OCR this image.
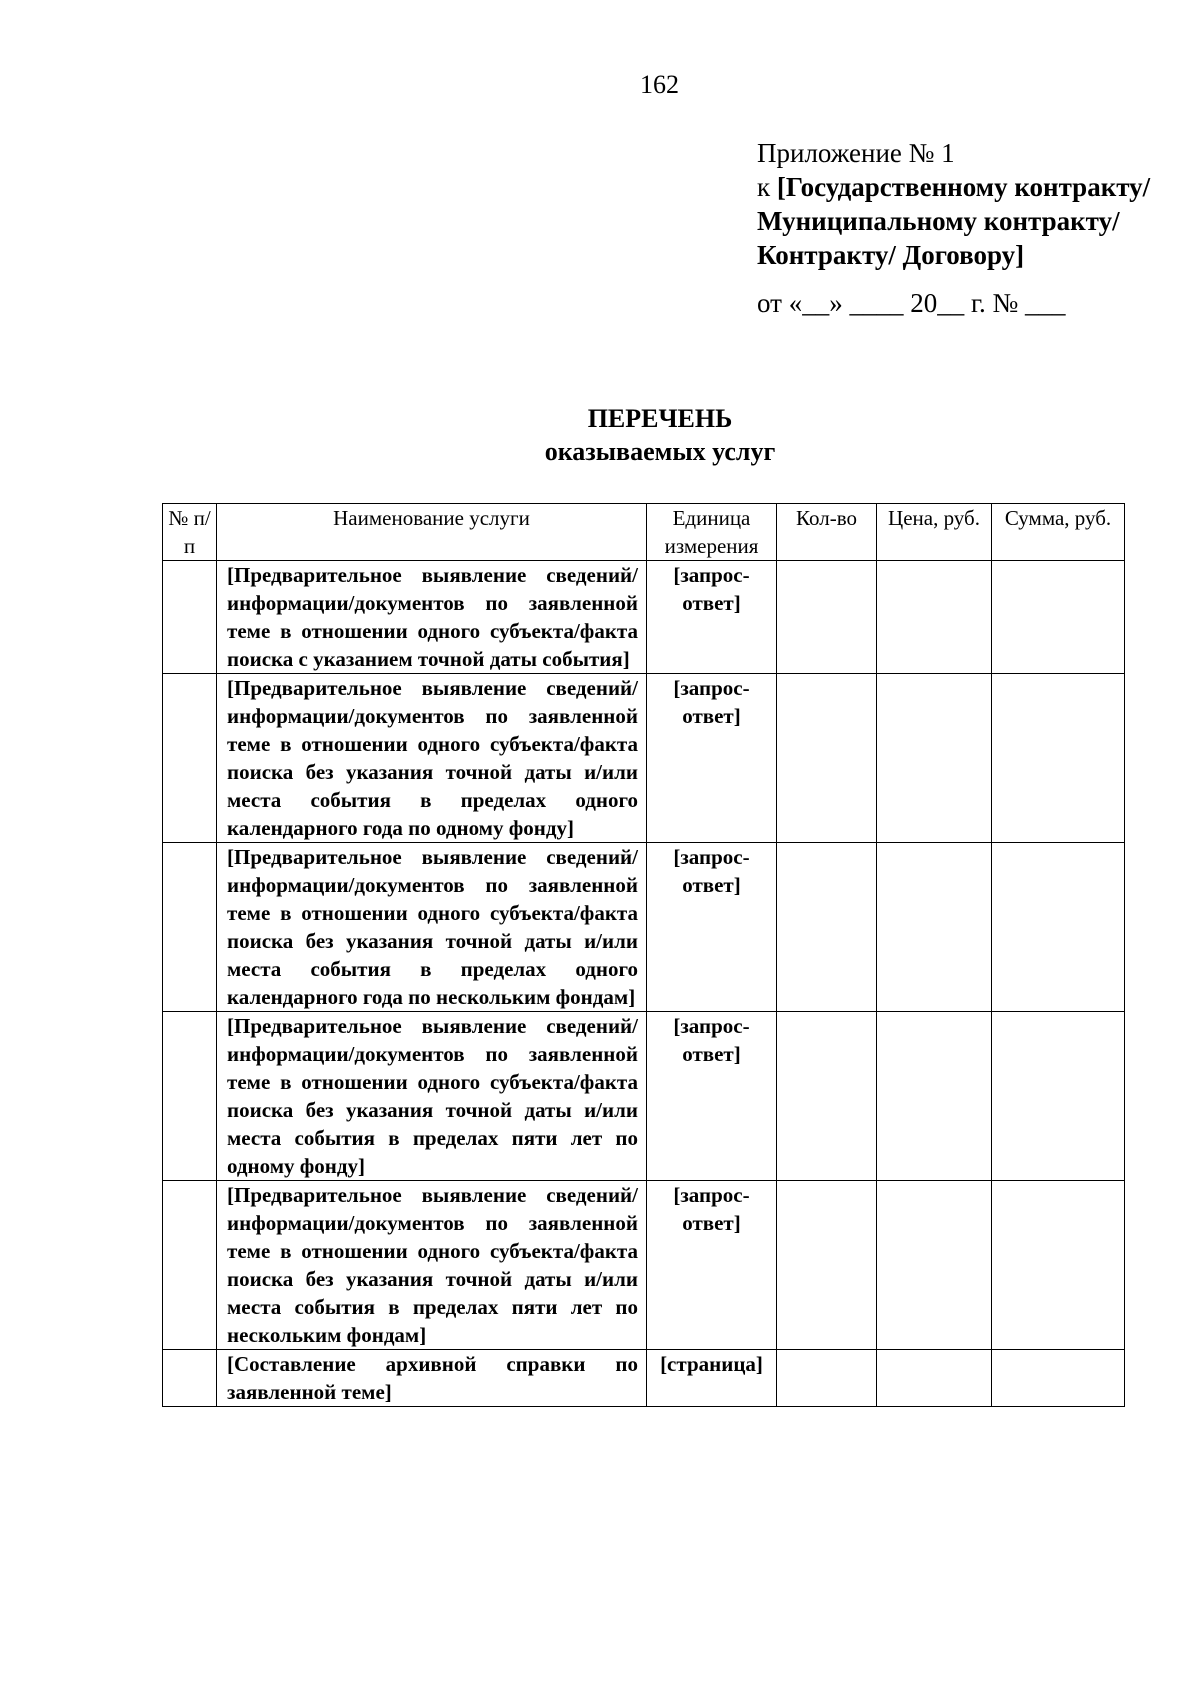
162
Приложение № 1
к [Государственному контракту/Муниципальному контракту/Контракту/ Договору]
от «__» ____ 20__ г. № ___
ПЕРЕЧЕНЬ
оказываемых услуг
№ п/п	Наименование услуги	Единица измерения	Кол-во	Цена, руб.	Сумма, руб.
	[Предварительное выявление сведений/информации/документов по заявленной теме в отношении одного субъекта/факта поиска с указанием точной даты события]	[запрос-ответ]			
	[Предварительное выявление сведений/информации/документов по заявленной теме в отношении одного субъекта/факта поиска без указания точной даты и/или места события в пределах одного календарного года по одному фонду]	[запрос-ответ]			
	[Предварительное выявление сведений/информации/документов по заявленной теме в отношении одного субъекта/факта поиска без указания точной даты и/или места события в пределах одного календарного года по нескольким фондам]	[запрос-ответ]			
	[Предварительное выявление сведений/информации/документов по заявленной теме в отношении одного субъекта/факта поиска без указания точной даты и/или места события в пределах пяти лет по одному фонду]	[запрос-ответ]			
	[Предварительное выявление сведений/информации/документов по заявленной теме в отношении одного субъекта/факта поиска без указания точной даты и/или места события в пределах пяти лет по нескольким фондам]	[запрос-ответ]			
	[Составление архивной справки по заявленной теме]	[страница]			
